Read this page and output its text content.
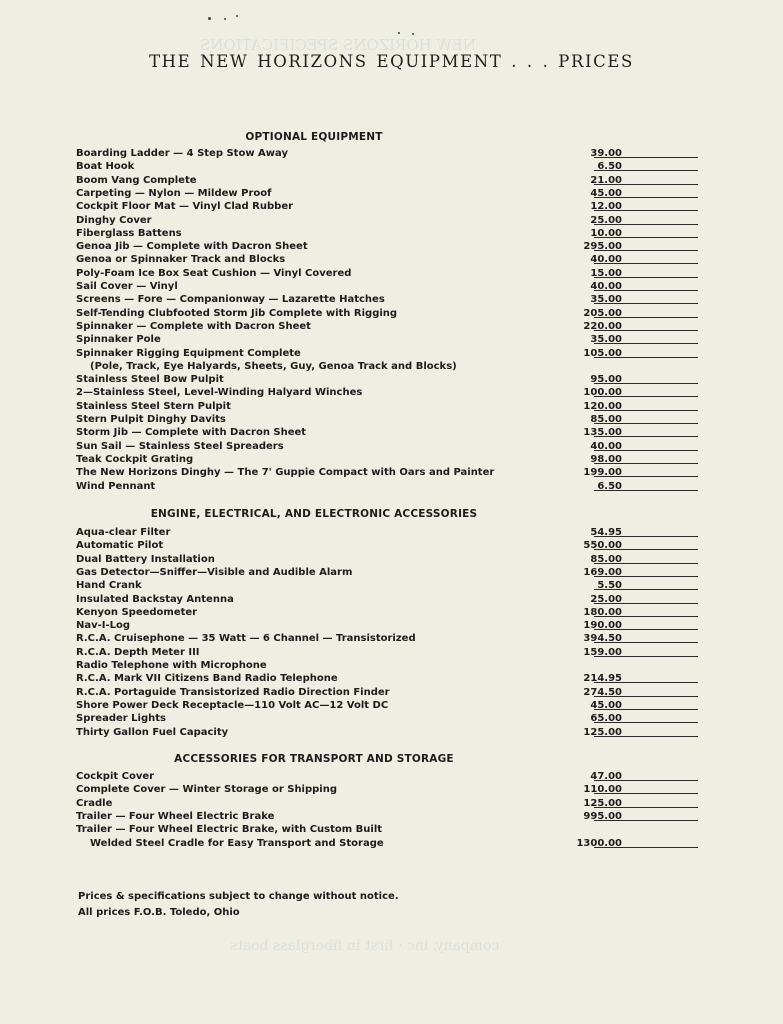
NEW HORIZONS SPECIFICATIONS
company, inc · first in fiberglass boats
THE NEW HORIZONS EQUIPMENT . . . PRICES
OPTIONAL EQUIPMENT
Boarding Ladder — 4 Step Stow Away	39.00
Boat Hook	6.50
Boom Vang Complete	21.00
Carpeting — Nylon — Mildew Proof	45.00
Cockpit Floor Mat — Vinyl Clad Rubber	12.00
Dinghy Cover	25.00
Fiberglass Battens	10.00
Genoa Jib — Complete with Dacron Sheet	295.00
Genoa or Spinnaker Track and Blocks	40.00
Poly-Foam Ice Box Seat Cushion — Vinyl Covered	15.00
Sail Cover — Vinyl	40.00
Screens — Fore — Companionway — Lazarette Hatches	35.00
Self-Tending Clubfooted Storm Jib Complete with Rigging	205.00
Spinnaker — Complete with Dacron Sheet	220.00
Spinnaker Pole	35.00
Spinnaker Rigging Equipment Complete	105.00
(Pole, Track, Eye Halyards, Sheets, Guy, Genoa Track and Blocks)
Stainless Steel Bow Pulpit	95.00
2—Stainless Steel, Level-Winding Halyard Winches	100.00
Stainless Steel Stern Pulpit	120.00
Stern Pulpit Dinghy Davits	85.00
Storm Jib — Complete with Dacron Sheet	135.00
Sun Sail — Stainless Steel Spreaders	40.00
Teak Cockpit Grating	98.00
The New Horizons Dinghy — The 7' Guppie Compact with Oars and Painter	199.00
Wind Pennant	6.50
ENGINE, ELECTRICAL, AND ELECTRONIC ACCESSORIES
Aqua-clear Filter	54.95
Automatic Pilot	550.00
Dual Battery Installation	85.00
Gas Detector—Sniffer—Visible and Audible Alarm	169.00
Hand Crank	5.50
Insulated Backstay Antenna	25.00
Kenyon Speedometer	180.00
Nav-I-Log	190.00
R.C.A. Cruisephone — 35 Watt — 6 Channel — Transistorized	394.50
R.C.A. Depth Meter III	159.00
Radio Telephone with Microphone
R.C.A. Mark VII Citizens Band Radio Telephone	214.95
R.C.A. Portaguide Transistorized Radio Direction Finder	274.50
Shore Power Deck Receptacle—110 Volt AC—12 Volt DC	45.00
Spreader Lights	65.00
Thirty Gallon Fuel Capacity	125.00
ACCESSORIES FOR TRANSPORT AND STORAGE
Cockpit Cover	47.00
Complete Cover — Winter Storage or Shipping	110.00
Cradle	125.00
Trailer — Four Wheel Electric Brake	995.00
Trailer — Four Wheel Electric Brake, with Custom Built
Welded Steel Cradle for Easy Transport and Storage	1300.00
Prices & specifications subject to change without notice.
All prices F.O.B. Toledo, Ohio
